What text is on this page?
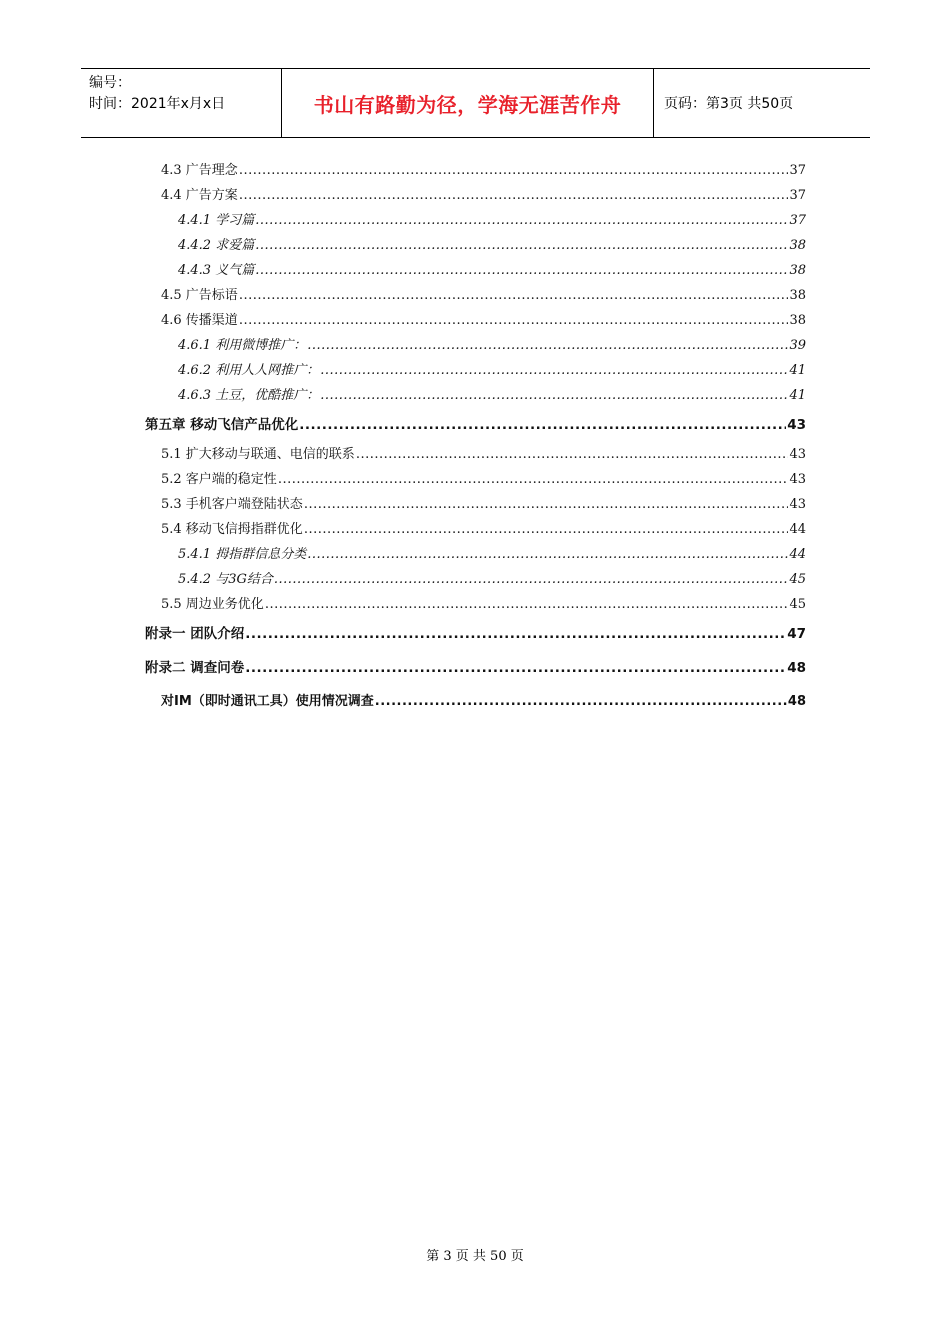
编号：
时间：2021年x月x日	书山有路勤为径，学海无涯苦作舟	页码：第3页 共50页
4.3 广告理念 .....	37
4.4 广告方案 .....	37
4.4.1 学习篇 .....	37
4.4.2 求爱篇 .....	38
4.4.3 义气篇 .....	38
4.5 广告标语 .....	38
4.6 传播渠道 .....	38
4.6.1 利用微博推广： .....	39
4.6.2 利用人人网推广： .....	41
4.6.3 土豆，优酷推广： .....	41
第五章 移动飞信产品优化 .....	43
5.1 扩大移动与联通、电信的联系 .....	43
5.2 客户端的稳定性 .....	43
5.3 手机客户端登陆状态 .....	43
5.4 移动飞信拇指群优化 .....	44
5.4.1 拇指群信息分类 .....	44
5.4.2 与3G结合 .....	45
5.5 周边业务优化 .....	45
附录一 团队介绍 .....	47
附录二 调查问卷 .....	48
对IM（即时通讯工具）使用情况调查 .....	48
第 3 页 共 50 页
